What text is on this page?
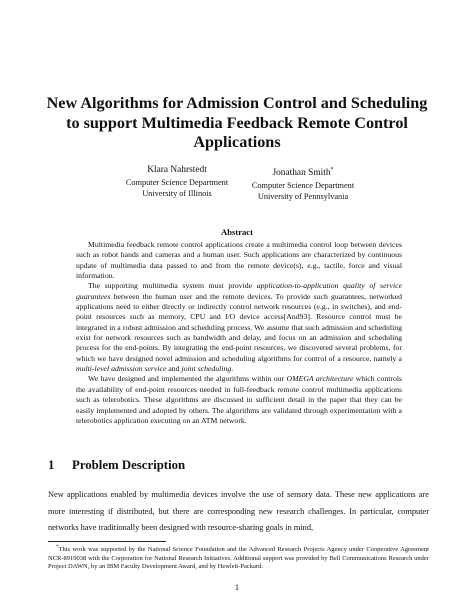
New Algorithms for Admission Control and Scheduling to support Multimedia Feedback Remote Control Applications
Klara Nahrstedt
Computer Science Department
University of Illinois
Jonathan Smith*
Computer Science Department
University of Pennsylvania
Abstract

Multimedia feedback remote control applications create a multimedia control loop between devices such as robot hands and cameras and a human user. Such applications are characterized by continuous update of multimedia data passed to and from the remote device(s), e.g., tactile, force and visual information.

The supporting multimedia system must provide application-to-application quality of service guarantees between the human user and the remote devices. To provide such guarantees, networked applications need to either directly or indirectly control network resources (e.g., in switches), and end-point resources such as memory, CPU and I/O device access[And93]. Resource control must be integrated in a robust admission and scheduling process. We assume that such admission and scheduling exist for network resources such as bandwidth and delay, and focus on an admission and scheduling process for the end-points. By integrating the end-point resources, we discovered several problems, for which we have designed novel admission and scheduling algorithms for control of a resource, namely a multi-level admission service and joint scheduling.

We have designed and implemented the algorithms within our OMEGA architecture which controls the availability of end-point resources needed in full-feedback remote control multimedia applications such as telerobotics. These algorithms are discussed in sufficient detail in the paper that they can be easily implemented and adopted by others. The algorithms are validated through experimentation with a telerobotics application executing on an ATM network.

1 Problem Description

New applications enabled by multimedia devices involve the use of sensory data. These new applications are more interesting if distributed, but there are corresponding new research challenges. In particular, computer networks have traditionally been designed with resource-sharing goals in mind,

*This work was supported by the National Science Foundation and the Advanced Research Projects Agency under Cooperative Agreement NCR-8919038 with the Corporation for National Research Initiatives. Additional support was provided by Bell Communications Research under Project DAWN, by an IBM Faculty Development Award, and by Hewlett-Packard.

1
